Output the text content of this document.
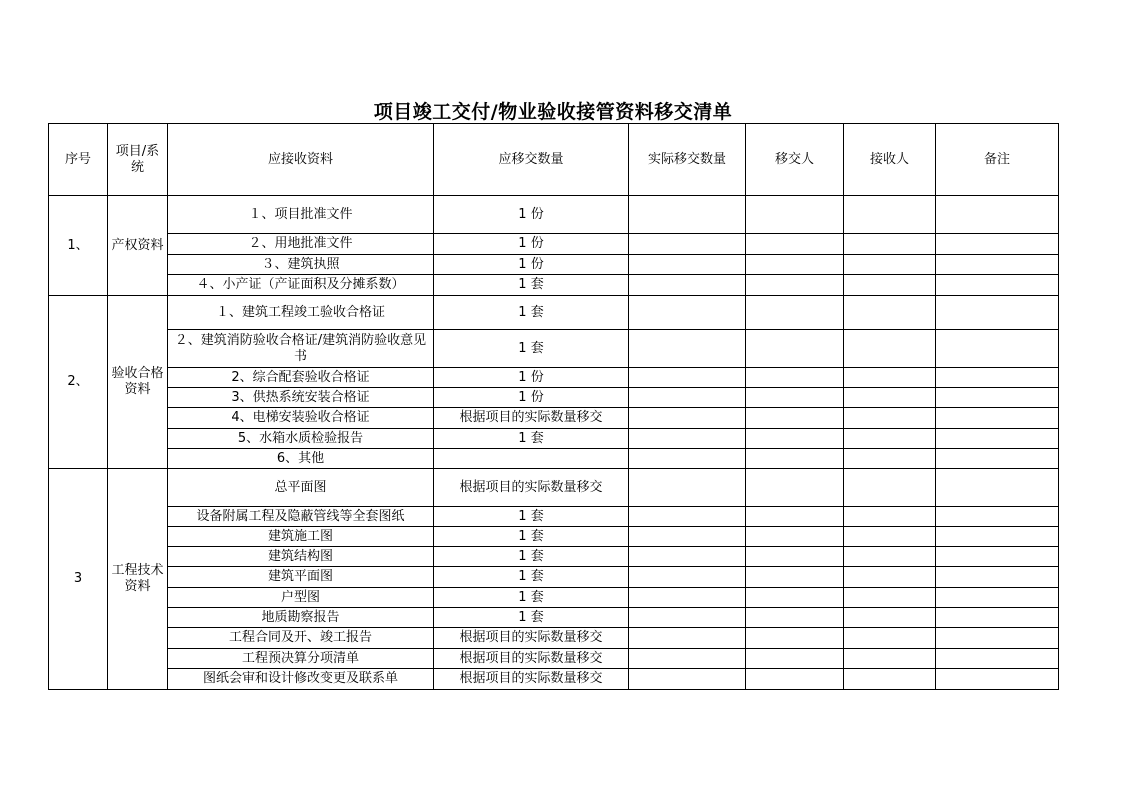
项目竣工交付/物业验收接管资料移交清单
序号	项目/系统	应接收资料	应移交数量	实际移交数量	移交人	接收人	备注
1、	产权资料	１、项目批准文件	1 份				
		２、用地批准文件	1 份				
		３、建筑执照	1 份				
		４、小产证（产证面积及分摊系数）	1 套				
2、	验收合格资料	１、建筑工程竣工验收合格证	1 套				
		２、建筑消防验收合格证/建筑消防验收意见书	1 套				
		2、综合配套验收合格证	1 份				
		3、供热系统安装合格证	1 份				
		4、电梯安装验收合格证	根据项目的实际数量移交				
		5、水箱水质检验报告	1 套				
		6、其他					
3	工程技术资料	总平面图	根据项目的实际数量移交				
		设备附属工程及隐蔽管线等全套图纸	1 套				
		建筑施工图	1 套				
		建筑结构图	1 套				
		建筑平面图	1 套				
		户型图	1 套				
		地质勘察报告	1 套				
		工程合同及开、竣工报告	根据项目的实际数量移交				
		工程预决算分项清单	根据项目的实际数量移交				
		图纸会审和设计修改变更及联系单	根据项目的实际数量移交				
